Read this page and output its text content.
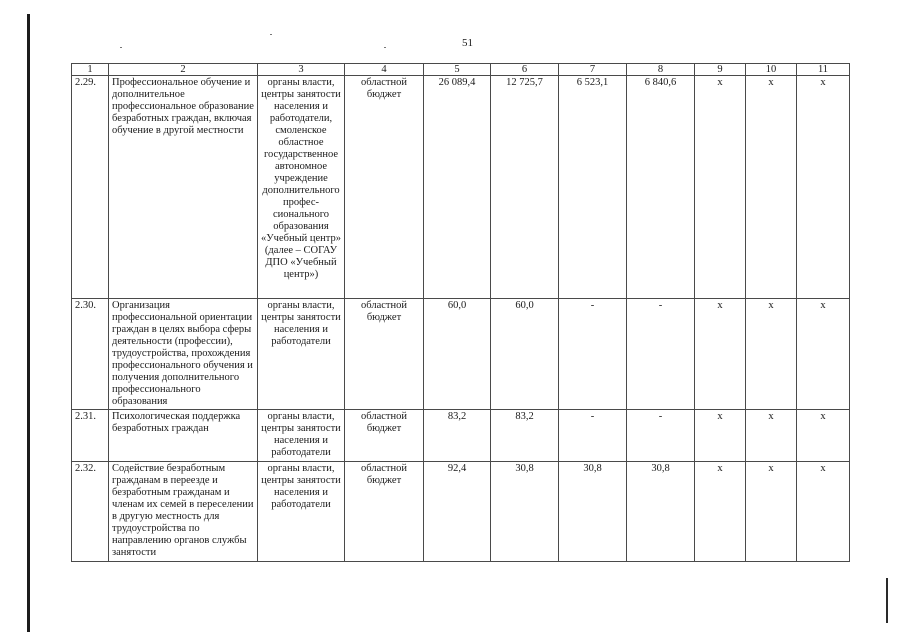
51
1	2	3	4	5	6	7	8	9	10	11
2.29.	Профессиональное обучение и дополнительное профессиональное образование безработных граждан, включая обучение в другой местности	органы власти, центры занятости населения и работодатели, смоленское областное государственное автономное учреждение дополнительного профес-сионального образования «Учебный центр» (далее – СОГАУ ДПО «Учебный центр»)	областной бюджет	26 089,4	12 725,7	6 523,1	6 840,6	х	х	х
2.30.	Организация профессиональной ориентации граждан в целях выбора сферы деятельности (профессии), трудоустройства, прохождения профессионального обучения и получения дополнительного профессионального образования	органы власти, центры занятости населения и работодатели	областной бюджет	60,0	60,0	-	-	х	х	х
2.31.	Психологическая поддержка безработных граждан	органы власти, центры занятости населения и работодатели	областной бюджет	83,2	83,2	-	-	х	х	х
2.32.	Содействие безработным гражданам в переезде и безработным гражданам и членам их семей в переселении в другую местность для трудоустройства по направлению органов службы занятости	органы власти, центры занятости населения и работодатели	областной бюджет	92,4	30,8	30,8	30,8	х	х	х
